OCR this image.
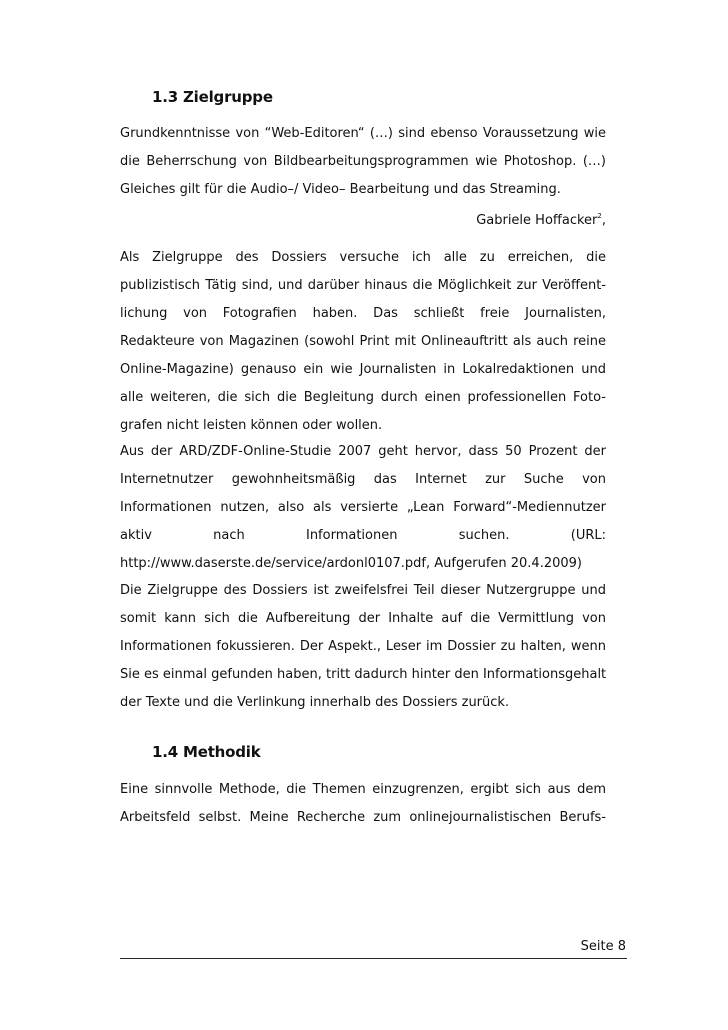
1.3 Zielgruppe
Grundkenntnisse von “Web-Editoren“ (…) sind ebenso Voraussetzung wie
die Beherrschung von Bildbearbeitungsprogrammen wie Photoshop. (…)
Gleiches gilt für die Audio–/ Video– Bearbeitung und das Streaming.
Gabriele Hoffacker$^2$,
Als Zielgruppe des Dossiers versuche ich alle zu erreichen, die
publizistisch Tätig sind, und darüber hinaus die Möglichkeit zur Veröffent-
lichung von Fotografien haben. Das schließt freie Journalisten,
Redakteure von Magazinen (sowohl Print mit Onlineauftritt als auch reine
Online-Magazine) genauso ein wie Journalisten in Lokalredaktionen und
alle weiteren, die sich die Begleitung durch einen professionellen Foto-
grafen nicht leisten können oder wollen.
Aus der ARD/ZDF-Online-Studie 2007 geht hervor, dass 50 Prozent der
Internetnutzer gewohnheitsmäßig das Internet zur Suche von
Informationen nutzen, also als versierte „Lean Forward“-Mediennutzer
aktiv nach Informationen suchen. (URL:
http://www.daserste.de/service/ardonl0107.pdf, Aufgerufen 20.4.2009)
Die Zielgruppe des Dossiers ist zweifelsfrei Teil dieser Nutzergruppe und
somit kann sich die Aufbereitung der Inhalte auf die Vermittlung von
Informationen fokussieren. Der Aspekt., Leser im Dossier zu halten, wenn
Sie es einmal gefunden haben, tritt dadurch hinter den Informationsgehalt
der Texte und die Verlinkung innerhalb des Dossiers zurück.
1.4 Methodik
Eine sinnvolle Methode, die Themen einzugrenzen, ergibt sich aus dem
Arbeitsfeld selbst. Meine Recherche zum onlinejournalistischen Berufs-
Seite 8
